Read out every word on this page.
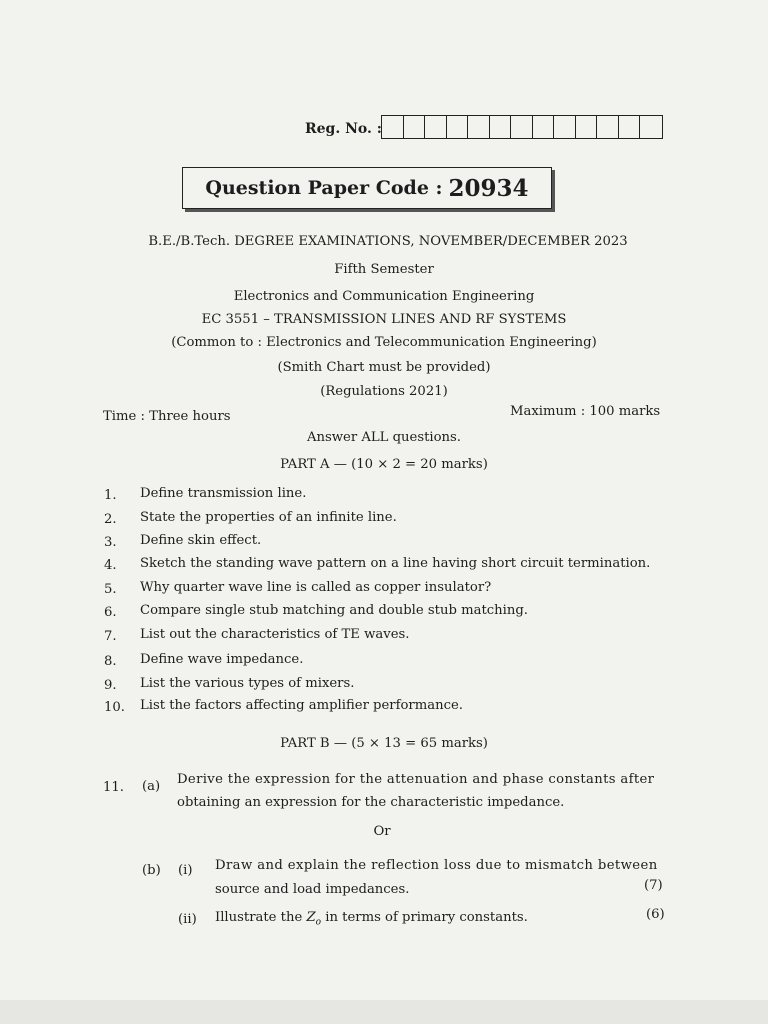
Reg. No. :
Question Paper Code : 20934
B.E./B.Tech. DEGREE EXAMINATIONS, NOVEMBER/DECEMBER 2023
Fifth Semester
Electronics and Communication Engineering
EC 3551 – TRANSMISSION LINES AND RF SYSTEMS
(Common to : Electronics and Telecommunication Engineering)
(Smith Chart must be provided)
(Regulations 2021)
Time : Three hours	Maximum : 100 marks
Answer ALL questions.
PART A — (10 × 2 = 20 marks)
1. Define transmission line.
2. State the properties of an infinite line.
3. Define skin effect.
4. Sketch the standing wave pattern on a line having short circuit termination.
5. Why quarter wave line is called as copper insulator?
6. Compare single stub matching and double stub matching.
7. List out the characteristics of TE waves.
8. Define wave impedance.
9. List the various types of mixers.
10. List the factors affecting amplifier performance.
PART B — (5 × 13 = 65 marks)
11. (a) Derive the expression for the attenuation and phase constants after
obtaining an expression for the characteristic impedance.
Or
(b) (i) Draw and explain the reflection loss due to mismatch between
source and load impedances.	(7)
(ii) Illustrate the $Z_o$ in terms of primary constants.	(6)
